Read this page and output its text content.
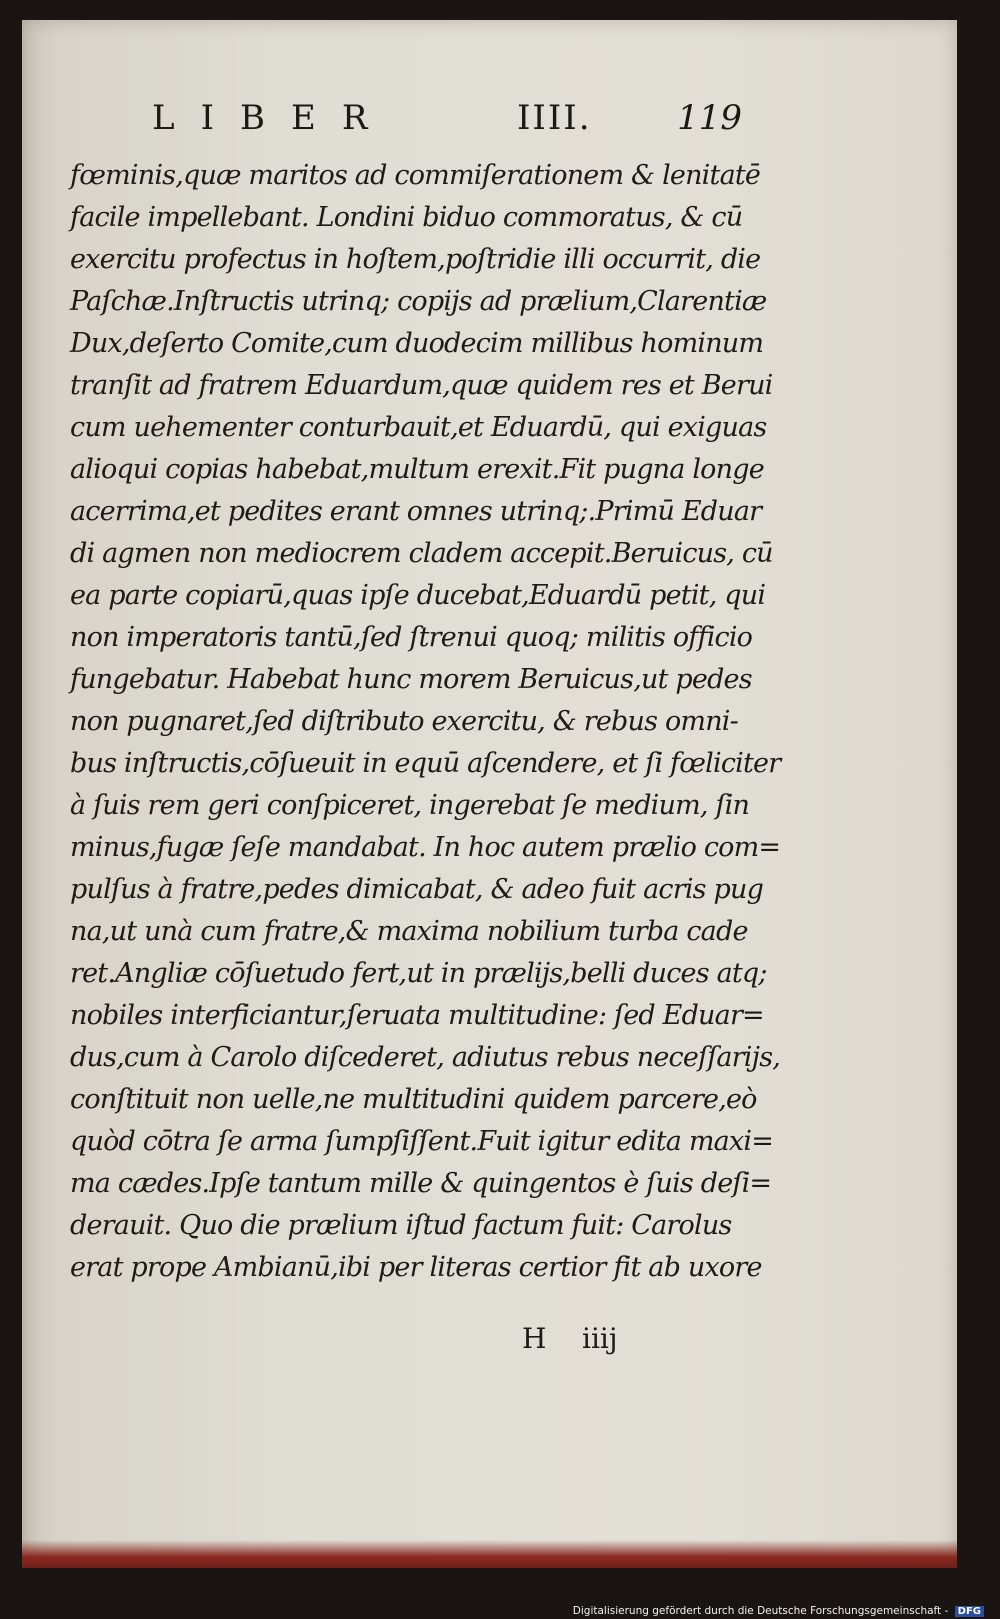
LIBER	IIII.	119
fœminis,quæ maritos ad commiſerationem & lenitatē
facile impellebant. Londini biduo commoratus, & cū
exercitu profectus in hoſtem,poſtridie illi occurrit, die
Paſchæ.Inſtructis utrinq; copijs ad prælium,Clarentiæ
Dux,deſerto Comite,cum duodecim millibus hominum
tranſit ad fratrem Eduardum,quæ quidem res et Berui
cum uehementer conturbauit,et Eduardū, qui exiguas
alioqui copias habebat,multum erexit.Fit pugna longe
acerrima,et pedites erant omnes utrinq;.Primū Eduar
di agmen non mediocrem cladem accepit.Beruicus, cū
ea parte copiarū,quas ipſe ducebat,Eduardū petit, qui
non imperatoris tantū,ſed ſtrenui quoq; militis officio
fungebatur. Habebat hunc morem Beruicus,ut pedes
non pugnaret,ſed diſtributo exercitu, & rebus omni-
bus inſtructis,cōſueuit in equū aſcendere, et ſi fœliciter
à ſuis rem geri conſpiceret, ingerebat ſe medium, ſin
minus,fugæ ſeſe mandabat. In hoc autem prælio com=
pulſus à fratre,pedes dimicabat, & adeo fuit acris pug
na,ut unà cum fratre,& maxima nobilium turba cade
ret.Angliæ cōſuetudo fert,ut in prælijs,belli duces atq;
nobiles interficiantur,ſeruata multitudine: ſed Eduar=
dus,cum à Carolo diſcederet, adiutus rebus neceſſarijs,
conſtituit non uelle,ne multitudini quidem parcere,eò
quòd cōtra ſe arma ſumpſiſſent.Fuit igitur edita maxi=
ma cædes.Ipſe tantum mille & quingentos è ſuis deſi=
derauit. Quo die prælium iſtud factum fuit: Carolus
erat prope Ambianū,ibi per literas certior fit ab uxore
H    iiij
Digitalisierung gefördert durch die Deutsche Forschungsgemeinschaft - DFG
